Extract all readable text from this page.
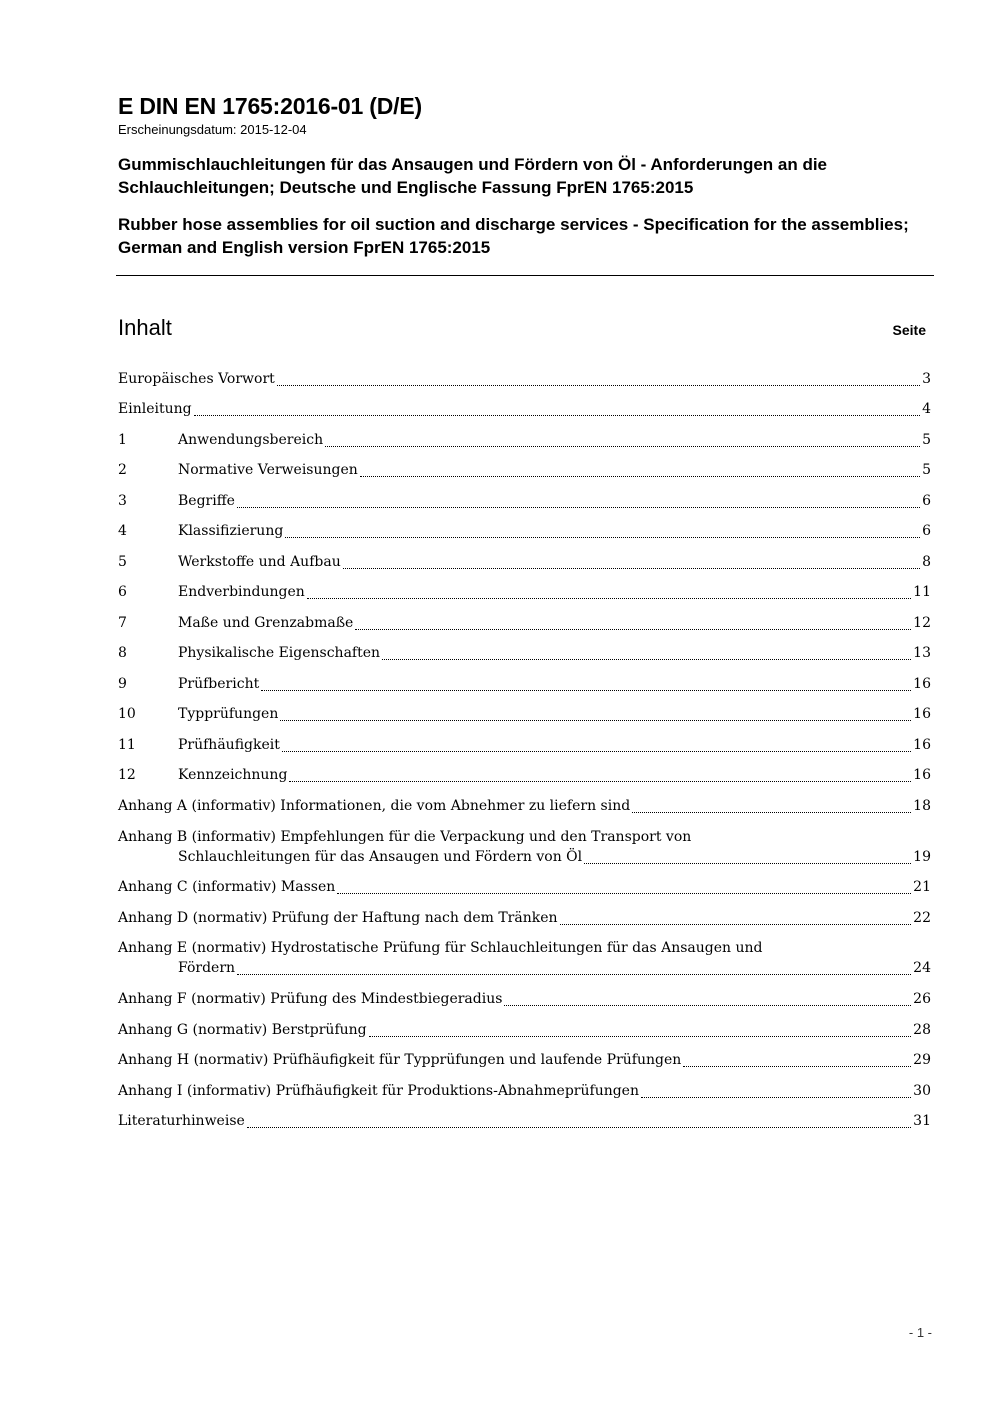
E DIN EN 1765:2016-01 (D/E)
Erscheinungsdatum: 2015-12-04
Gummischlauchleitungen für das Ansaugen und Fördern von Öl - Anforderungen an die Schlauchleitungen; Deutsche und Englische Fassung FprEN 1765:2015
Rubber hose assemblies for oil suction and discharge services - Specification for the assemblies; German and English version FprEN 1765:2015
Inhalt	Seite
Europäisches Vorwort	3
Einleitung	4
1	Anwendungsbereich	5
2	Normative Verweisungen	5
3	Begriffe	6
4	Klassifizierung	6
5	Werkstoffe und Aufbau	8
6	Endverbindungen	11
7	Maße und Grenzabmaße	12
8	Physikalische Eigenschaften	13
9	Prüfbericht	16
10	Typprüfungen	16
11	Prüfhäufigkeit	16
12	Kennzeichnung	16
Anhang A (informativ) Informationen, die vom Abnehmer zu liefern sind	18
Anhang B (informativ) Empfehlungen für die Verpackung und den Transport von
Schlauchleitungen für das Ansaugen und Fördern von Öl	19
Anhang C (informativ) Massen	21
Anhang D (normativ) Prüfung der Haftung nach dem Tränken	22
Anhang E (normativ) Hydrostatische Prüfung für Schlauchleitungen für das Ansaugen und
Fördern	24
Anhang F (normativ) Prüfung des Mindestbiegeradius	26
Anhang G (normativ) Berstprüfung	28
Anhang H (normativ) Prüfhäufigkeit für Typprüfungen und laufende Prüfungen	29
Anhang I (informativ) Prüfhäufigkeit für Produktions-Abnahmeprüfungen	30
Literaturhinweise	31
- 1 -
